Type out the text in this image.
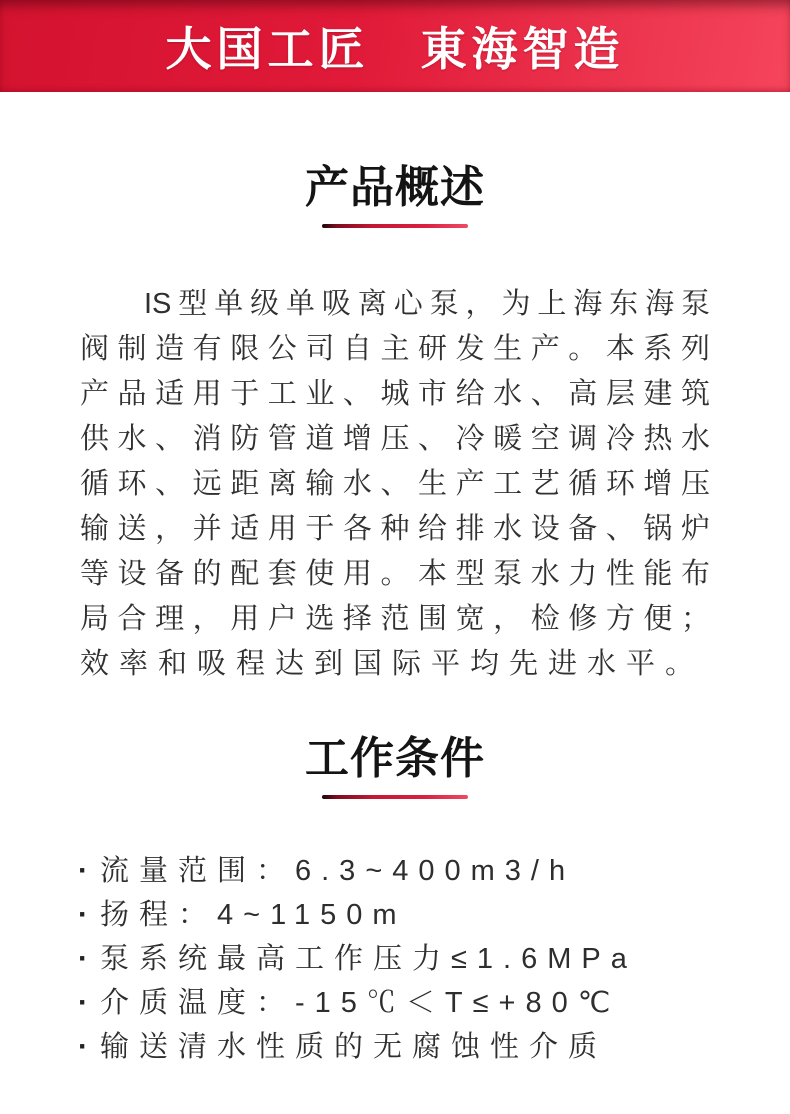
大国工匠　東海智造
产品概述
IS型单级单吸离心泵，为上海东海泵
阀制造有限公司自主研发生产。本系列
产品适用于工业、城市给水、高层建筑
供水、消防管道增压、冷暖空调冷热水
循环、远距离输水、生产工艺循环增压
输送，并适用于各种给排水设备、锅炉
等设备的配套使用。本型泵水力性能布
局合理，用户选择范围宽，检修方便；
效率和吸程达到国际平均先进水平。
工作条件
· 流量范围：6.3~400m3/h
· 扬程：4~1150m
· 泵系统最高工作压力≤1.6MPa
· 介质温度：-15℃＜T≤+80℃
· 输送清水性质的无腐蚀性介质
